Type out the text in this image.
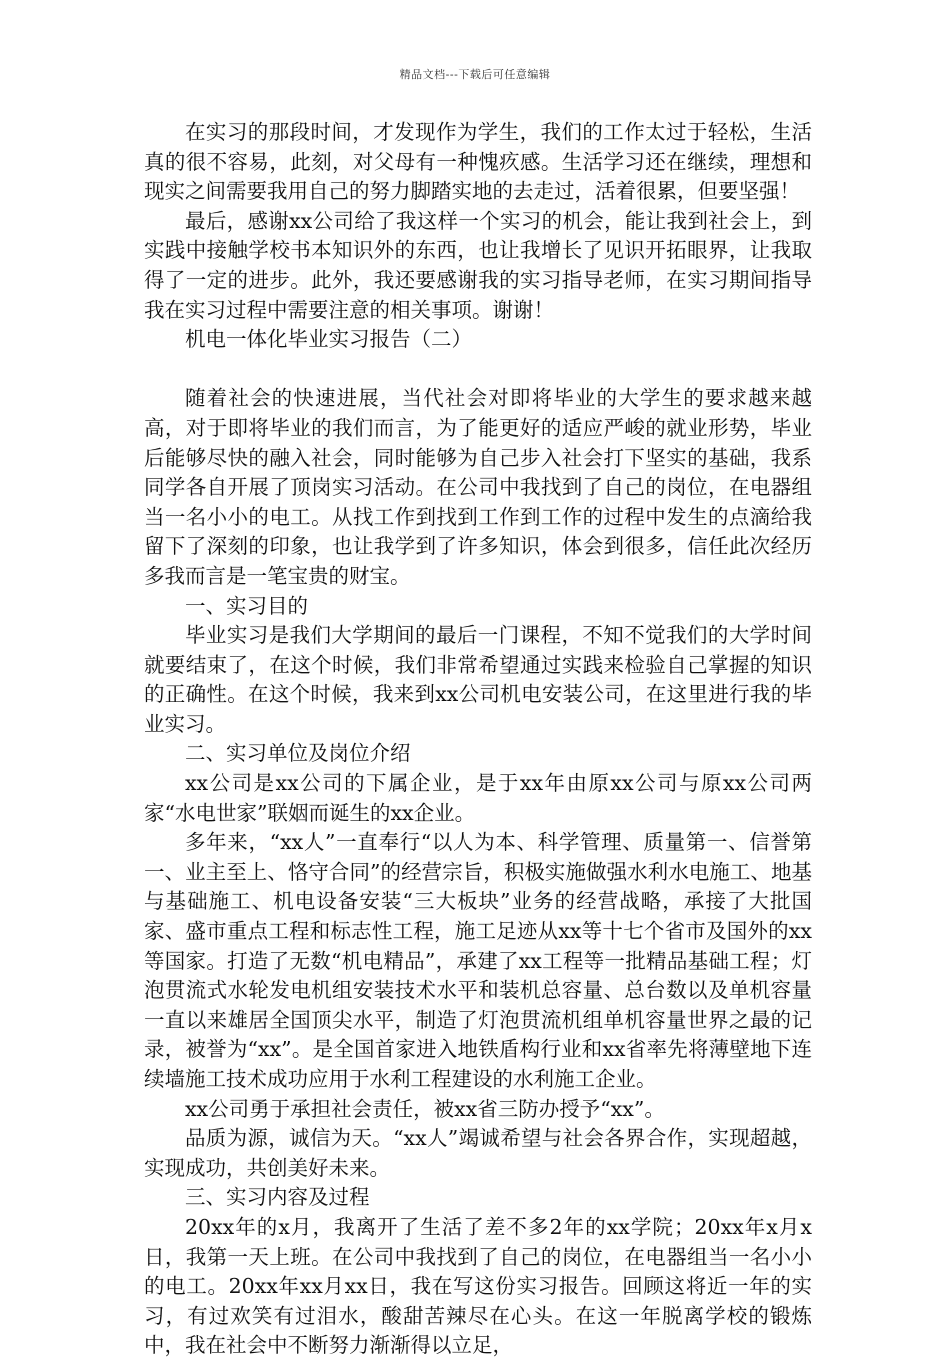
精品文档---下载后可任意编辑

在实习的那段时间，才发现作为学生，我们的工作太过于轻松，生活真的很不容易，此刻，对父母有一种愧疚感。生活学习还在继续，理想和现实之间需要我用自己的努力脚踏实地的去走过，活着很累，但要坚强！

最后，感谢xx公司给了我这样一个实习的机会，能让我到社会上，到实践中接触学校书本知识外的东西，也让我增长了见识开拓眼界，让我取得了一定的进步。此外，我还要感谢我的实习指导老师，在实习期间指导我在实习过程中需要注意的相关事项。谢谢！

机电一体化毕业实习报告（二）

随着社会的快速进展，当代社会对即将毕业的大学生的要求越来越高，对于即将毕业的我们而言，为了能更好的适应严峻的就业形势，毕业后能够尽快的融入社会，同时能够为自己步入社会打下坚实的基础，我系同学各自开展了顶岗实习活动。在公司中我找到了自己的岗位，在电器组当一名小小的电工。从找工作到找到工作到工作的过程中发生的点滴给我留下了深刻的印象，也让我学到了许多知识，体会到很多，信任此次经历多我而言是一笔宝贵的财宝。

一、实习目的

毕业实习是我们大学期间的最后一门课程，不知不觉我们的大学时间就要结束了，在这个时候，我们非常希望通过实践来检验自己掌握的知识的正确性。在这个时候，我来到xx公司机电安装公司，在这里进行我的毕业实习。

二、实习单位及岗位介绍

xx公司是xx公司的下属企业，是于xx年由原xx公司与原xx公司两家“水电世家”联姻而诞生的xx企业。

多年来，“xx人”一直奉行“以人为本、科学管理、质量第一、信誉第一、业主至上、恪守合同”的经营宗旨，积极实施做强水利水电施工、地基与基础施工、机电设备安装“三大板块”业务的经营战略，承接了大批国家、盛市重点工程和标志性工程，施工足迹从xx等十七个省市及国外的xx等国家。打造了无数“机电精品”，承建了xx工程等一批精品基础工程；灯泡贯流式水轮发电机组安装技术水平和装机总容量、总台数以及单机容量一直以来雄居全国顶尖水平，制造了灯泡贯流机组单机容量世界之最的记录，被誉为“xx”。是全国首家进入地铁盾构行业和xx省率先将薄壁地下连续墙施工技术成功应用于水利工程建设的水利施工企业。

xx公司勇于承担社会责任，被xx省三防办授予“xx”。

品质为源，诚信为天。“xx人”竭诚希望与社会各界合作，实现超越，实现成功，共创美好未来。

三、实习内容及过程

20xx年的x月，我离开了生活了差不多2年的xx学院；20xx年x月x日，我第一天上班。在公司中我找到了自己的岗位，在电器组当一名小小的电工。20xx年xx月xx日，我在写这份实习报告。回顾这将近一年的实习，有过欢笑有过泪水，酸甜苦辣尽在心头。在这一年脱离学校的锻炼中，我在社会中不断努力渐渐得以立足，
